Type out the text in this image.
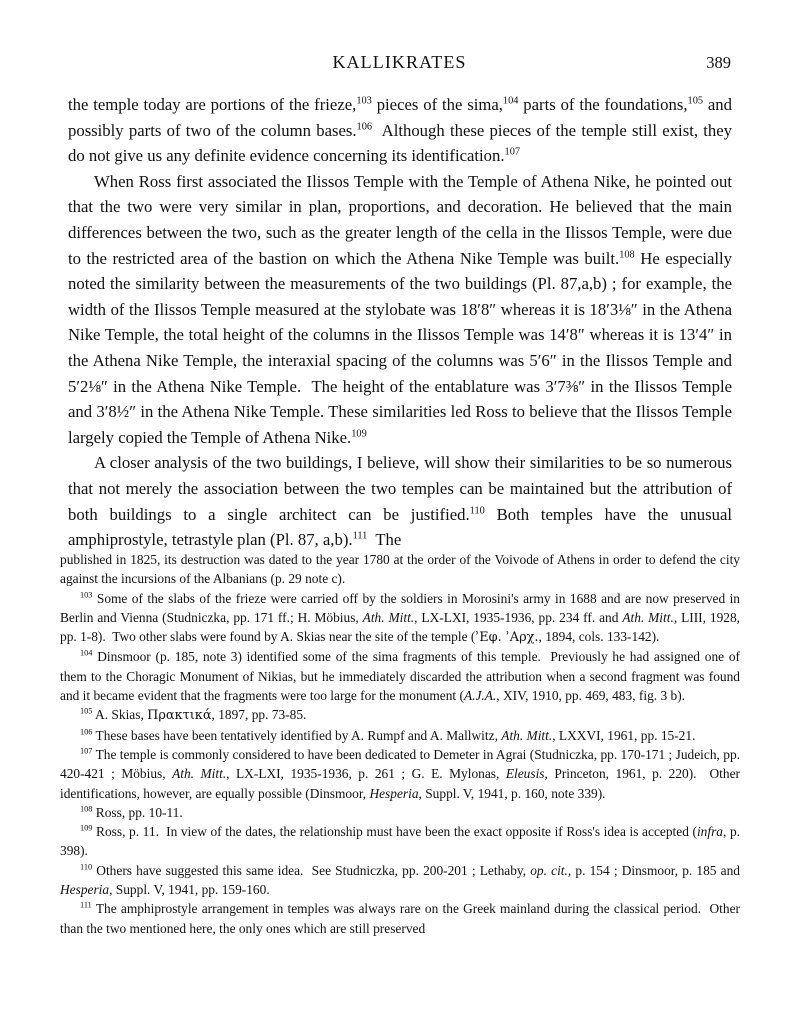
KALLIKRATES	389

the temple today are portions of the frieze,$^{103}$ pieces of the sima,$^{104}$ parts of the foundations,$^{105}$ and possibly parts of two of the column bases.$^{106}$  Although these pieces of the temple still exist, they do not give us any definite evidence concerning its identification.$^{107}$

When Ross first associated the Ilissos Temple with the Temple of Athena Nike, he pointed out that the two were very similar in plan, proportions, and decoration. He believed that the main differences between the two, such as the greater length of the cella in the Ilissos Temple, were due to the restricted area of the bastion on which the Athena Nike Temple was built.$^{108}$ He especially noted the similarity between the measurements of the two buildings (Pl. 87,a,b) ; for example, the width of the Ilissos Temple measured at the stylobate was 18′8″ whereas it is 18′3⅛″ in the Athena Nike Temple, the total height of the columns in the Ilissos Temple was 14′8″ whereas it is 13′4″ in the Athena Nike Temple, the interaxial spacing of the columns was 5′6″ in the Ilissos Temple and 5′2⅛″ in the Athena Nike Temple.  The height of the entablature was 3′7⅜″ in the Ilissos Temple and 3′8½″ in the Athena Nike Temple. These similarities led Ross to believe that the Ilissos Temple largely copied the Temple of Athena Nike.$^{109}$

A closer analysis of the two buildings, I believe, will show their similarities to be so numerous that not merely the association between the two temples can be maintained but the attribution of both buildings to a single architect can be justified.$^{110}$ Both temples have the unusual amphiprostyle, tetrastyle plan (Pl. 87, a,b).$^{111}$  The

published in 1825, its destruction was dated to the year 1780 at the order of the Voivode of Athens in order to defend the city against the incursions of the Albanians (p. 29 note c).

$^{103}$ Some of the slabs of the frieze were carried off by the soldiers in Morosini's army in 1688 and are now preserved in Berlin and Vienna (Studniczka, pp. 171 ff.; H. Möbius, Ath. Mitt., LX-LXI, 1935-1936, pp. 234 ff. and Ath. Mitt., LIII, 1928, pp. 1-8).  Two other slabs were found by A. Skias near the site of the temple (ʾΕφ. ʾΑρχ., 1894, cols. 133-142).

$^{104}$ Dinsmoor (p. 185, note 3) identified some of the sima fragments of this temple.  Previously he had assigned one of them to the Choragic Monument of Nikias, but he immediately discarded the attribution when a second fragment was found and it became evident that the fragments were too large for the monument (A.J.A., XIV, 1910, pp. 469, 483, fig. 3 b).

$^{105}$ A. Skias, Πρακτικά, 1897, pp. 73-85.

$^{106}$ These bases have been tentatively identified by A. Rumpf and A. Mallwitz, Ath. Mitt., LXXVI, 1961, pp. 15-21.

$^{107}$ The temple is commonly considered to have been dedicated to Demeter in Agrai (Studniczka, pp. 170-171 ; Judeich, pp. 420-421 ; Möbius, Ath. Mitt., LX-LXI, 1935-1936, p. 261 ; G. E. Mylonas, Eleusis, Princeton, 1961, p. 220).  Other identifications, however, are equally possible (Dinsmoor, Hesperia, Suppl. V, 1941, p. 160, note 339).

$^{108}$ Ross, pp. 10-11.

$^{109}$ Ross, p. 11.  In view of the dates, the relationship must have been the exact opposite if Ross's idea is accepted (infra, p. 398).

$^{110}$ Others have suggested this same idea.  See Studniczka, pp. 200-201 ; Lethaby, op. cit., p. 154 ; Dinsmoor, p. 185 and Hesperia, Suppl. V, 1941, pp. 159-160.

$^{111}$ The amphiprostyle arrangement in temples was always rare on the Greek mainland during the classical period.  Other than the two mentioned here, the only ones which are still preserved
